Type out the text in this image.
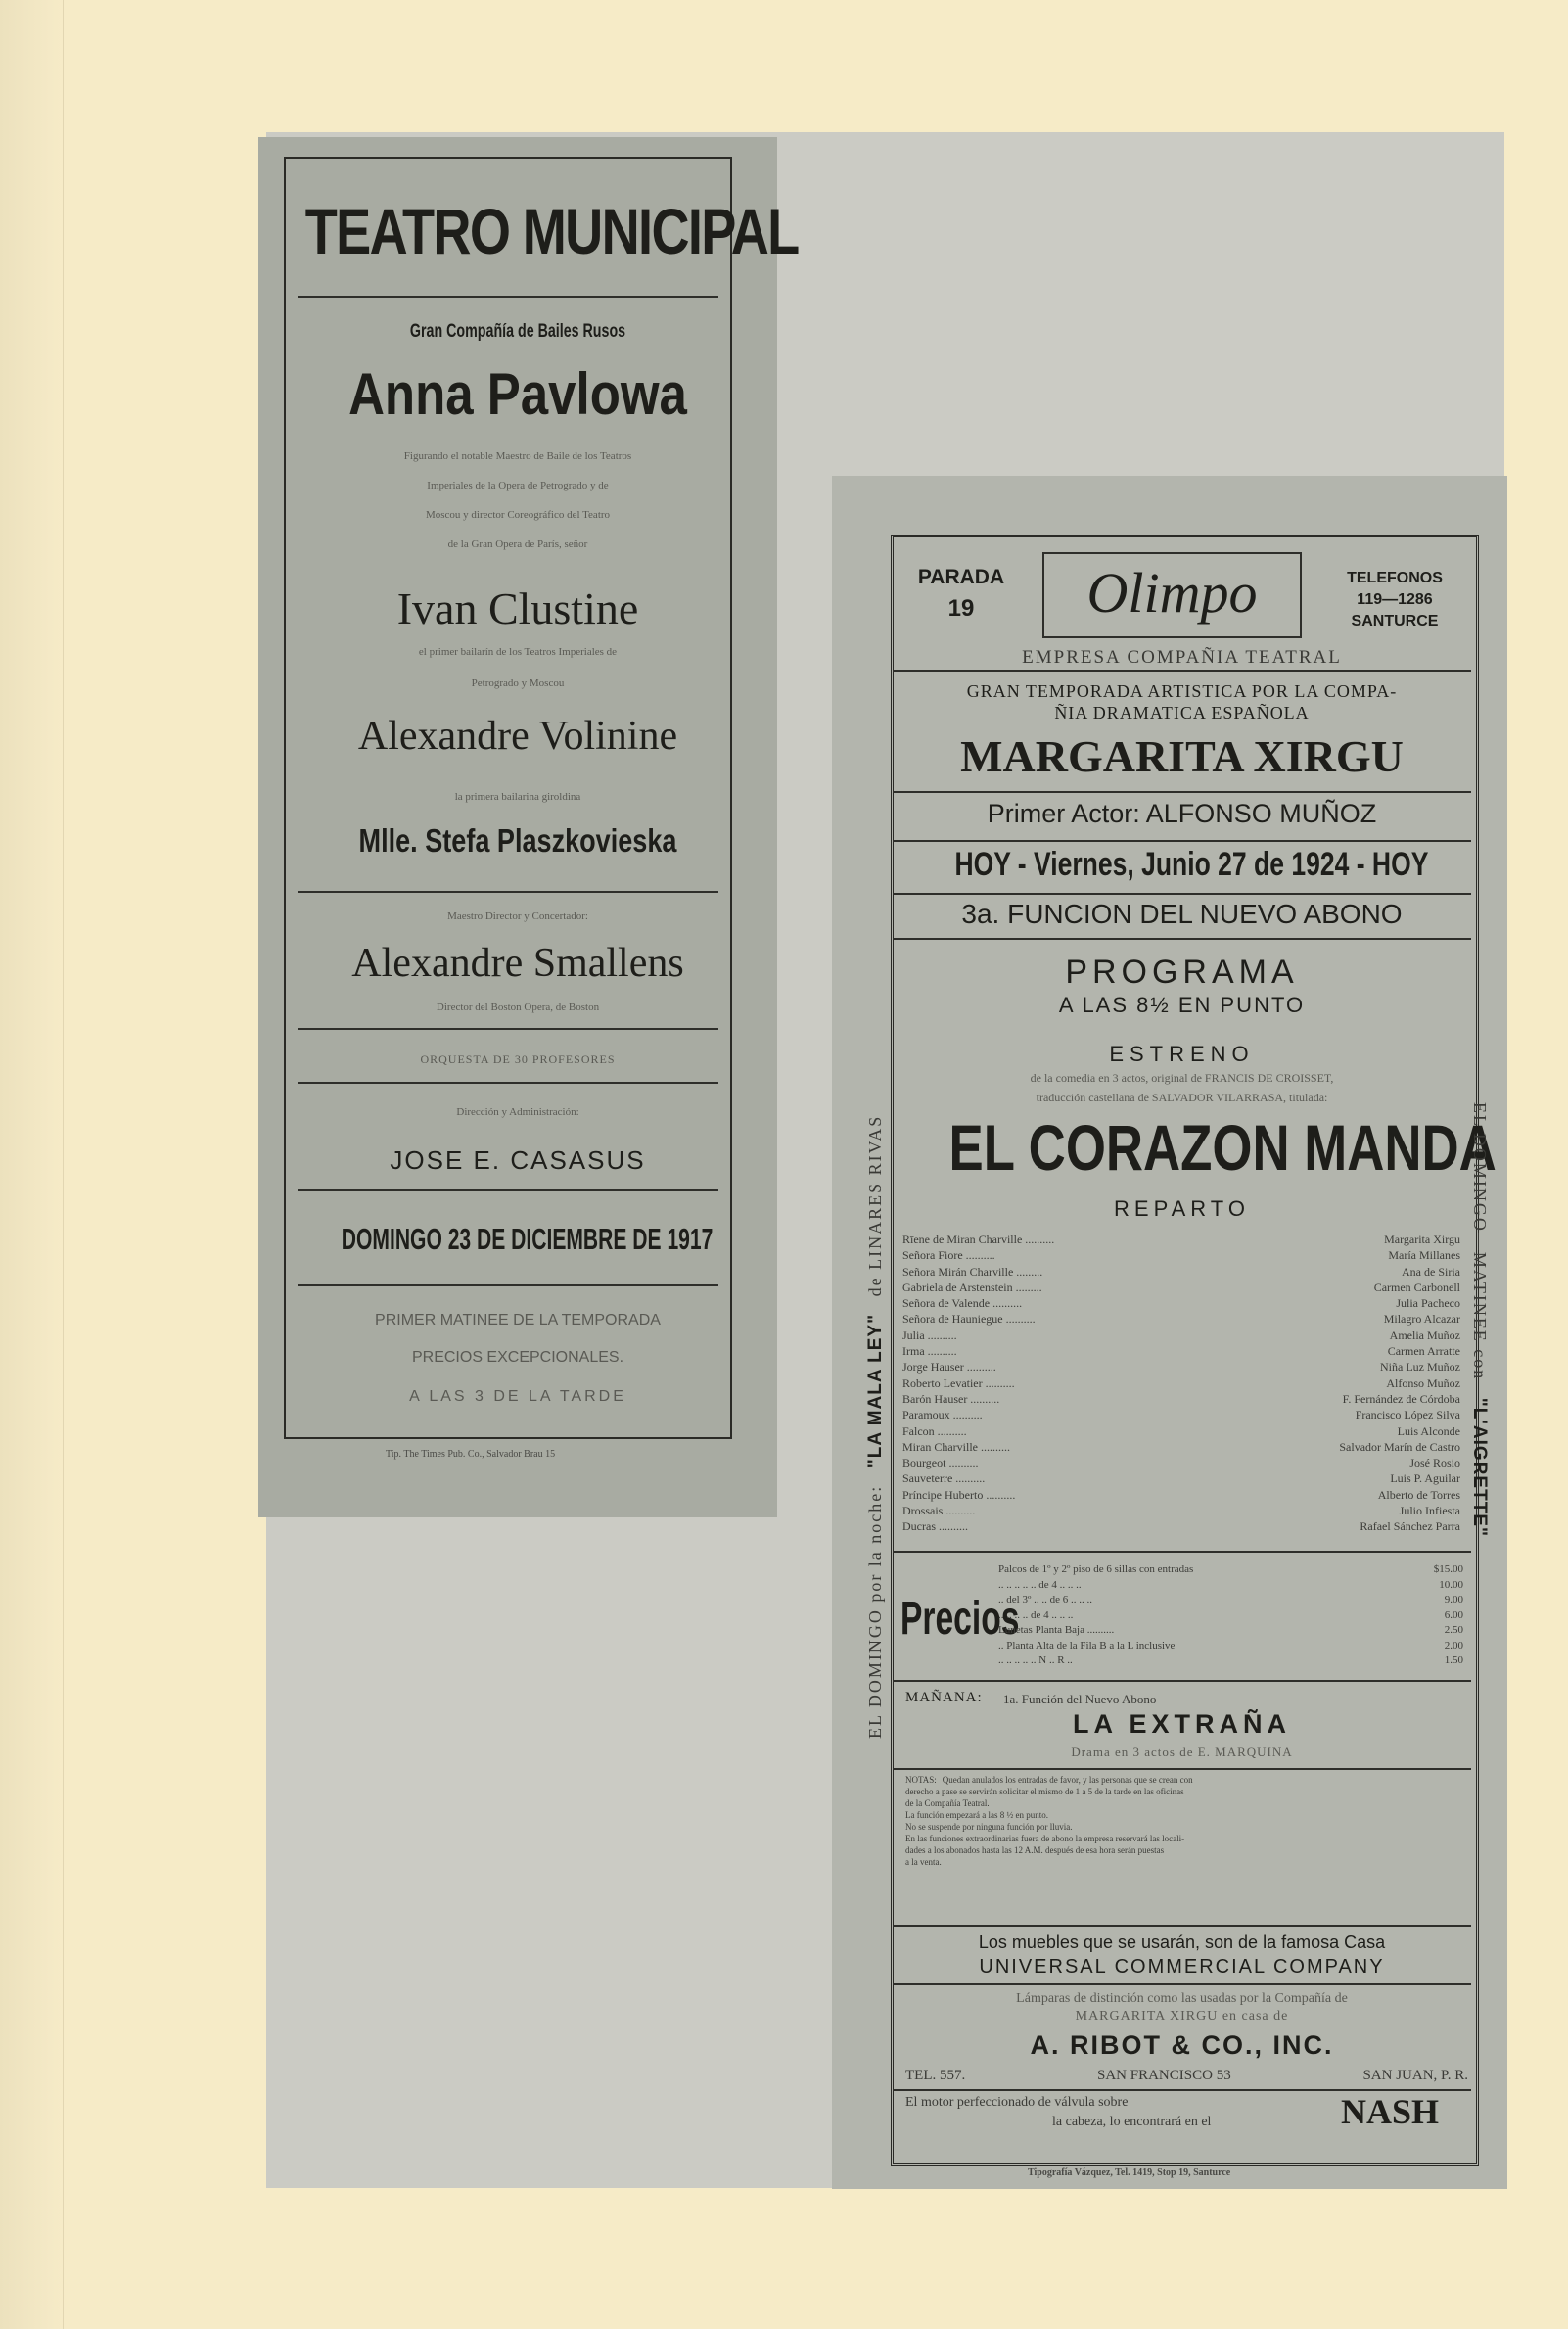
TEATRO MUNICIPAL
Gran Compañía de Bailes Rusos
Anna Pavlowa
Figurando el notable Maestro de Baile de los Teatros
Imperiales de la Opera de Petrogrado y de
Moscou y director Coreográfico del Teatro
de la Gran Opera de París, señor
Ivan Clustine
el primer bailarín de los Teatros Imperiales de
Petrogrado y Moscou
Alexandre Volinine
la primera bailarina giroldina
Mlle. Stefa Plaszkovieska
Maestro Director y Concertador:
Alexandre Smallens
Director del Boston Opera, de Boston
ORQUESTA DE 30 PROFESORES
Dirección y Administración:
JOSE E. CASASUS
DOMINGO 23 DE DICIEMBRE DE 1917
PRIMER MATINEE DE LA TEMPORADA
PRECIOS EXCEPCIONALES.
A LAS 3 DE LA TARDE
Tip. The Times Pub. Co., Salvador Brau 15
PARADA
19	Olimpo	TELEFONOS
119—1286
SANTURCE
EMPRESA COMPAÑIA TEATRAL
GRAN TEMPORADA ARTISTICA POR LA COMPA-
ÑIA DRAMATICA ESPAÑOLA
MARGARITA XIRGU
Primer Actor: ALFONSO MUÑOZ
HOY - Viernes, Junio 27 de 1924 - HOY
3a. FUNCION DEL NUEVO ABONO
PROGRAMA
A LAS 8½ EN PUNTO
ESTRENO
de la comedia en 3 actos, original de FRANCIS DE CROISSET,
traducción castellana de SALVADOR VILARRASA, titulada:
EL CORAZON MANDA
REPARTO
Rīene de Miran Charville ..........	Margarita Xirgu
Señora Fiore ..........	María Millanes
Señora Mirán Charville .........	Ana de Siria
Gabriela de Arstenstein .........	Carmen Carbonell
Señora de Valende ..........	Julia Pacheco
Señora de Hauniegue ..........	Milagro Alcazar
Julia ..........	Amelia Muñoz
Irma ..........	Carmen Arratte
Jorge Hauser ..........	Niña Luz Muñoz
Roberto Levatier ..........	Alfonso Muñoz
Barón Hauser ..........	F. Fernández de Córdoba
Paramoux ..........	Francisco López Silva
Falcon ..........	Luis Alconde
Miran Charville ..........	Salvador Marín de Castro
Bourgeot ..........	José Rosio
Sauveterre ..........	Luis P. Aguilar
Príncipe Huberto ..........	Alberto de Torres
Drossais ..........	Julio Infiesta
Ducras ..........	Rafael Sánchez Parra
Precios
Palcos de 1º y 2º piso de 6 sillas con entradas	$15.00
.. .. .. .. .. de 4 .. .. ..	10.00
.. del 3º .. .. de 6 .. .. ..	9.00
.. .. .. .. de 4 .. .. ..	6.00
Lunetas Planta Baja ..........	2.50
.. Planta Alta de la Fila B a la L inclusive	2.00
.. .. .. .. .. N .. R ..	1.50
MAÑANA: 1a. Función del Nuevo Abono
LA EXTRAÑA
Drama en 3 actos de E. MARQUINA
NOTAS: Quedan anulados los entradas de favor, y las personas que se crean con
derecho a pase se servirán solicitar el mismo de 1 a 5 de la tarde en las oficinas
de la Compañía Teatral.
La función empezará a las 8 ½ en punto.
No se suspende por ninguna función por lluvia.
En las funciones extraordinarias fuera de abono la empresa reservará las locali-
dades a los abonados hasta las 12 A.M. después de esa hora serán puestas
a la venta.
Los muebles que se usarán, son de la famosa Casa
UNIVERSAL COMMERCIAL COMPANY
Lámparas de distinción como las usadas por la Compañía de
MARGARITA XIRGU en casa de
A. RIBOT & CO., INC.
TEL. 557.	SAN FRANCISCO 53	SAN JUAN, P. R.
El motor perfeccionado de válvula sobre
la cabeza, lo encontrará en el	NASH
Tipografía Vázquez, Tel. 1419, Stop 19, Santurce
EL DOMINGO por la noche: "LA MALA LEY" de LINARES RIVAS	EL DOMINGO—MATINEE con "L'AIGRETTE"
